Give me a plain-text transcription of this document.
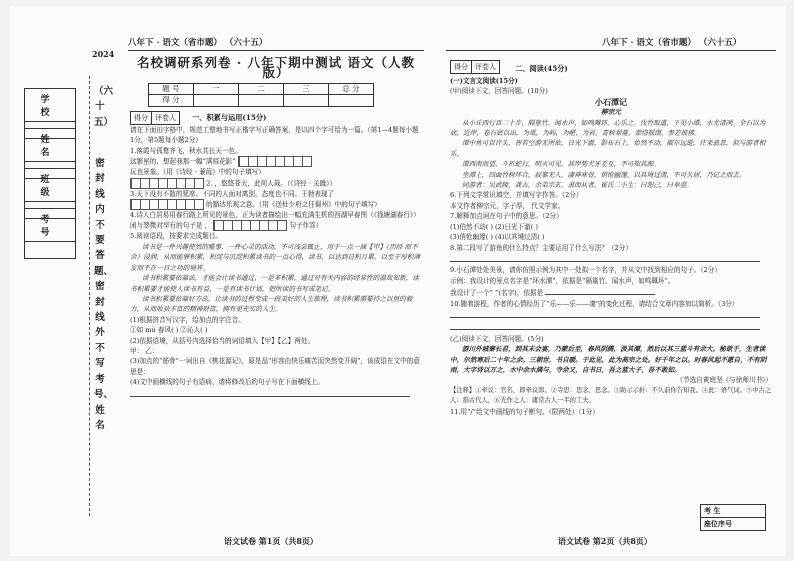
学 校
姓 名
班 级
考 号
2024
（六十五）
密封线内不要答题、密封线外不写考号、姓名
八年下 · 语文（省市题） （六十五）	八年下 · 语文（省市题） （六十五）
名校调研系列卷 · 八年下期中测试 语文（人教版）
题 号	一	二	三	总 分
得 分				
得分	评卷人	一、积累与运用(15分)

请在下面田字格中，规范工整地书写正楷字写正确答案，是以四个字可给为一篇。（第1—4题每小题1分，第5题每小题2分）

1.落霞与孤鹜齐飞，秋水共长天一色。

这繁星的，想起我那一幅“满庭花影”

玩也景象。（用《诗经 · 蒹葭》中的句子填写）

2. ，悠悠苍天，此何人哉。（《诗经 · 关雎》）

3.天下没有不散的筵席。不同的人面对离别，态度也不同。王勃表现了

的豁达乐观之意。（用《送杜少府之任蜀州》中的句子填写）

4.诗人白居易用春行路上所见的景色，正为读者描绘出一幅充满生机的西湖早春图（《钱塘湖春行》）

闲与翠微对早有的句子是 ，	句子作答）

5.阅读语段，按要求完成题目。

读书是一件兴趣使然的雅事，一件心灵的活动，不可浅尝辄止，用于一点一滴【甲】（历经 而不舍）浸润，从而能够积累，积淀与沉淀积累读书的一点心得，读书，以达到日积月累，以至于厚积薄发而不在一日之功的境界。

读书积累要依靠法，才能会让读书通过，一是多积累，通过对有关内容的经常性的温故知新，读书积累要才能使人读书有益，一是有读书计划，把所读的书写成笔记。

读书积累要依靠好方法，让读书的过程变成一段美好的人生旅程，读书积累需要持之以恒的毅力，从而收获丰富的精神财富，拥有更充实的人生。

(1)根据拼音写汉字，给加点的字注音。

①如 mù 春风( ) ②沁人( )

(2)依据语境，从括号内选择恰当的词语填入【甲】【乙】两处。

甲： 乙：

(3)加点的“筋骨”一词出自《桃花源记》，原是品“形容由快乐痛苦而突然变开阔”，该成语在文中的意思是：

(4)文中画横线的句子有语病，请将修改后的句子写在下面横线上。

语文试卷 第1页（共8页）
得分	评卷人	二、阅读(45分)

(一)文言文阅读(15分)

(甲)阅读下文，回答问题。(10分)

小石潭记

柳宗元

从小丘西行百二十步，隔篁竹，闻水声，如鸣珮环，心乐之。伐竹取道，下见小潭，水尤清冽。全石以为底，近岸，卷石底以出，为坻，为屿，为嵁，为岩。青树翠蔓，蒙络摇缀，参差披拂。

潭中鱼可百许头，皆若空游无所依，日光下澈，影布石上。佁然不动，俶尔远逝，往来翕忽，似与游者相乐。

潭西南而望，斗折蛇行，明灭可见。其岸势犬牙差互，不可知其源。

坐潭上，四面竹树环合，寂寥无人，凄神寒骨，悄怆幽邃。以其境过清，不可久居，乃记之而去。

同游者：吴武陵，龚古，余弟宗玄。隶而从者，崔氏二小生：曰恕己，曰奉壹。

6.下列文学常识填空，并填写字作答。（2分）

本文作者柳宗元，字子厚， 代文学家。

7.解释加点词在句子中的意思。（2分）

(1)伯然不动( ) (2)日光下澈( )

(3)俏怆幽邃( ) (4)以其境过清( )

8.第二段写了游鱼的什么特点？主要运用了什么写法？（2分）

9.小石潭处处美景，请你仿照示例为其中一处拟一个名字，并从文中找到相应的句子。（2分）

示例：我设计的景点名字是“环水潭”，依据是“隔篁竹，闻水声，如鸣珮环”。

我设计了一个“ ”(名字)，依据是

10.随着游程，作者的心情经历了“乐——乐——凄”的变化过程，请结合文章内容加以简析。（3分）

(乙)阅读下文，回答问题。(5分)

游川外城秦长君，到其末会宴，乃蒙后至，春风阴腾，汲其潭，然后以其三蓝斗有余大。秘欲于，生者读中，尔然寒后二十年之余。三朝世，书自暖。于此见，此为高宗之处。好千年之以。时春风起不愿自，不有阴雨，大字诗以万之，水中余水满与，寺余又，自书日，吾之蓝大子，吾不敢如。

（节选自黄庭坚《与徐师川书》）

【注释】①牵议：官名，即牵议郎。②寺思：思念，思念。③助示示折：不久前你告知我。④此：语气词。⑤中古之人：指古代人，⑥光作之人：庸常古人一半的工夫。

11.用“/”给文中画线的句子断句。（限两处）（1分）

考 生
座位序号
语文试卷 第2页（共8页）
